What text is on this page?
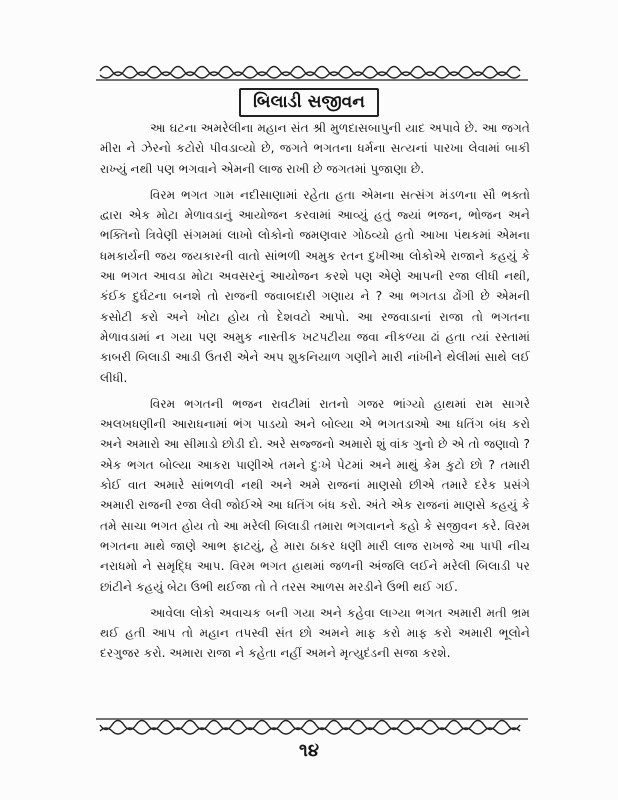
બિલાડી સજીવન

આ ઘટના અમરેલીના મહાન સંત શ્રી મુળદાસબાપુની યાદ અપાવે છે. આ જગતે મીરા ને ઝેરનો કટોરો પીવડાવ્યો છે, જગતે ભગતના ધર્મના સત્યનાં પારખા લેવામાં બાકી રાખ્યું નથી પણ ભગવાને એમની લાજ રાખી છે જગતમાં પુજાણા છે.

વિરમ ભગત ગામ નદીસાણામાં રહેતા હતા એમના સત્સંગ મંડળના સૌ ભક્તો દ્વારા એક મોટા મેળાવડાનું આયોજન કરવામાં આવ્યું હતું જ્યાં ભજન, ભોજન અને ભક્તિનો ત્રિવેણી સંગમમાં લાખો લોકોનો જમણવાર ગોઠવ્યો હતો આખા પંથકમાં એમના ધમકાર્યની જય જયકારની વાતો સાંભળી અમુક રતન દુખીઆ લોકોએ રાજાને કહયું કે આ ભગત આવડા મોટા અવસરનું આયોજન કરશે પણ એણે આપની રજા લીધી નથી, કંઈક દુર્ઘટના બનશે તો રાજની જવાબદારી ગણાય ને ? આ ભગતડા ઢોંગી છે એમની કસોટી કરો અને ખોટા હોય તો દેશવટો આપો. આ રજવાડાનાં રાજા તો ભગતના મેળાવડામાં ન ગયા પણ અમુક નાસ્તીક ખટપટીયા જવા નીકળ્યા ઢાં હતા ત્યાં રસ્તામાં કાબરી બિલાડી આડી ઉતરી એને અપ શુકનિયાળ ગણીને મારી નાંખીને થેલીમાં સાથે લઈ લીધી.

વિરમ ભગતની ભજન રાવટીમાં રાતનો ગજર ભાંગ્યો હાથમાં રામ સાગરે અલખધણીની આરાધનામાં ભંગ પાડયો અને બોલ્યા એ ભગતડાઓ આ ધતિંગ બંધ કરો અને અમારો આ સીમાડો છોડી દો. અરે સજ્જનો અમારો શું વાંક ગુનો છે એ તો જણાવો ? એક ભગત બોલ્યા આકરા પાણીએ તમને દુઃખે પેટમાં અને માથું કેમ કુટો છો ? તમારી કોઈ વાત અમારે સાંભળવી નથી અને અમે રાજનાં માણસો છીએ તમારે દરેક પ્રસંગે અમારી રાજની રજા લેવી જોઈએ આ ધતિંગ બંધ કરો. અંતે એક રાજનાં માણસે કહયું કે તમે સાચા ભગત હોય તો આ મરેલી બિલાડી તમારા ભગવાનને કહો કે સજીવન કરે. વિરમ ભગતના માથે જાણે આભ ફાટયું, હે મારા ઠાકર ધણી મારી લાજ રાખજે આ પાપી નીચ નરાધમો ને સમૃદ્ધિ આપ. વિરમ ભગત હાથમાં જળની અંજલિ લઈને મરેલી બિલાડી પર છાંટીને કહયું બેટા ઉભી થઈજા તો તે તરસ આળસ મરડીને ઉભી થઈ ગઈ.

આવેલા લોકો અવાચક બની ગયા અને કહેવા લાગ્યા ભગત અમારી મતી ભ્રમ થઈ હતી આપ તો મહાન તપસ્વી સંત છો અમને માફ કરો માફ કરો અમારી ભૂલોને દરગુજર કરો. અમારા રાજા ને કહેતા નહીં અમને મૃત્યુદંડની સજા કરશે.

૧૪
